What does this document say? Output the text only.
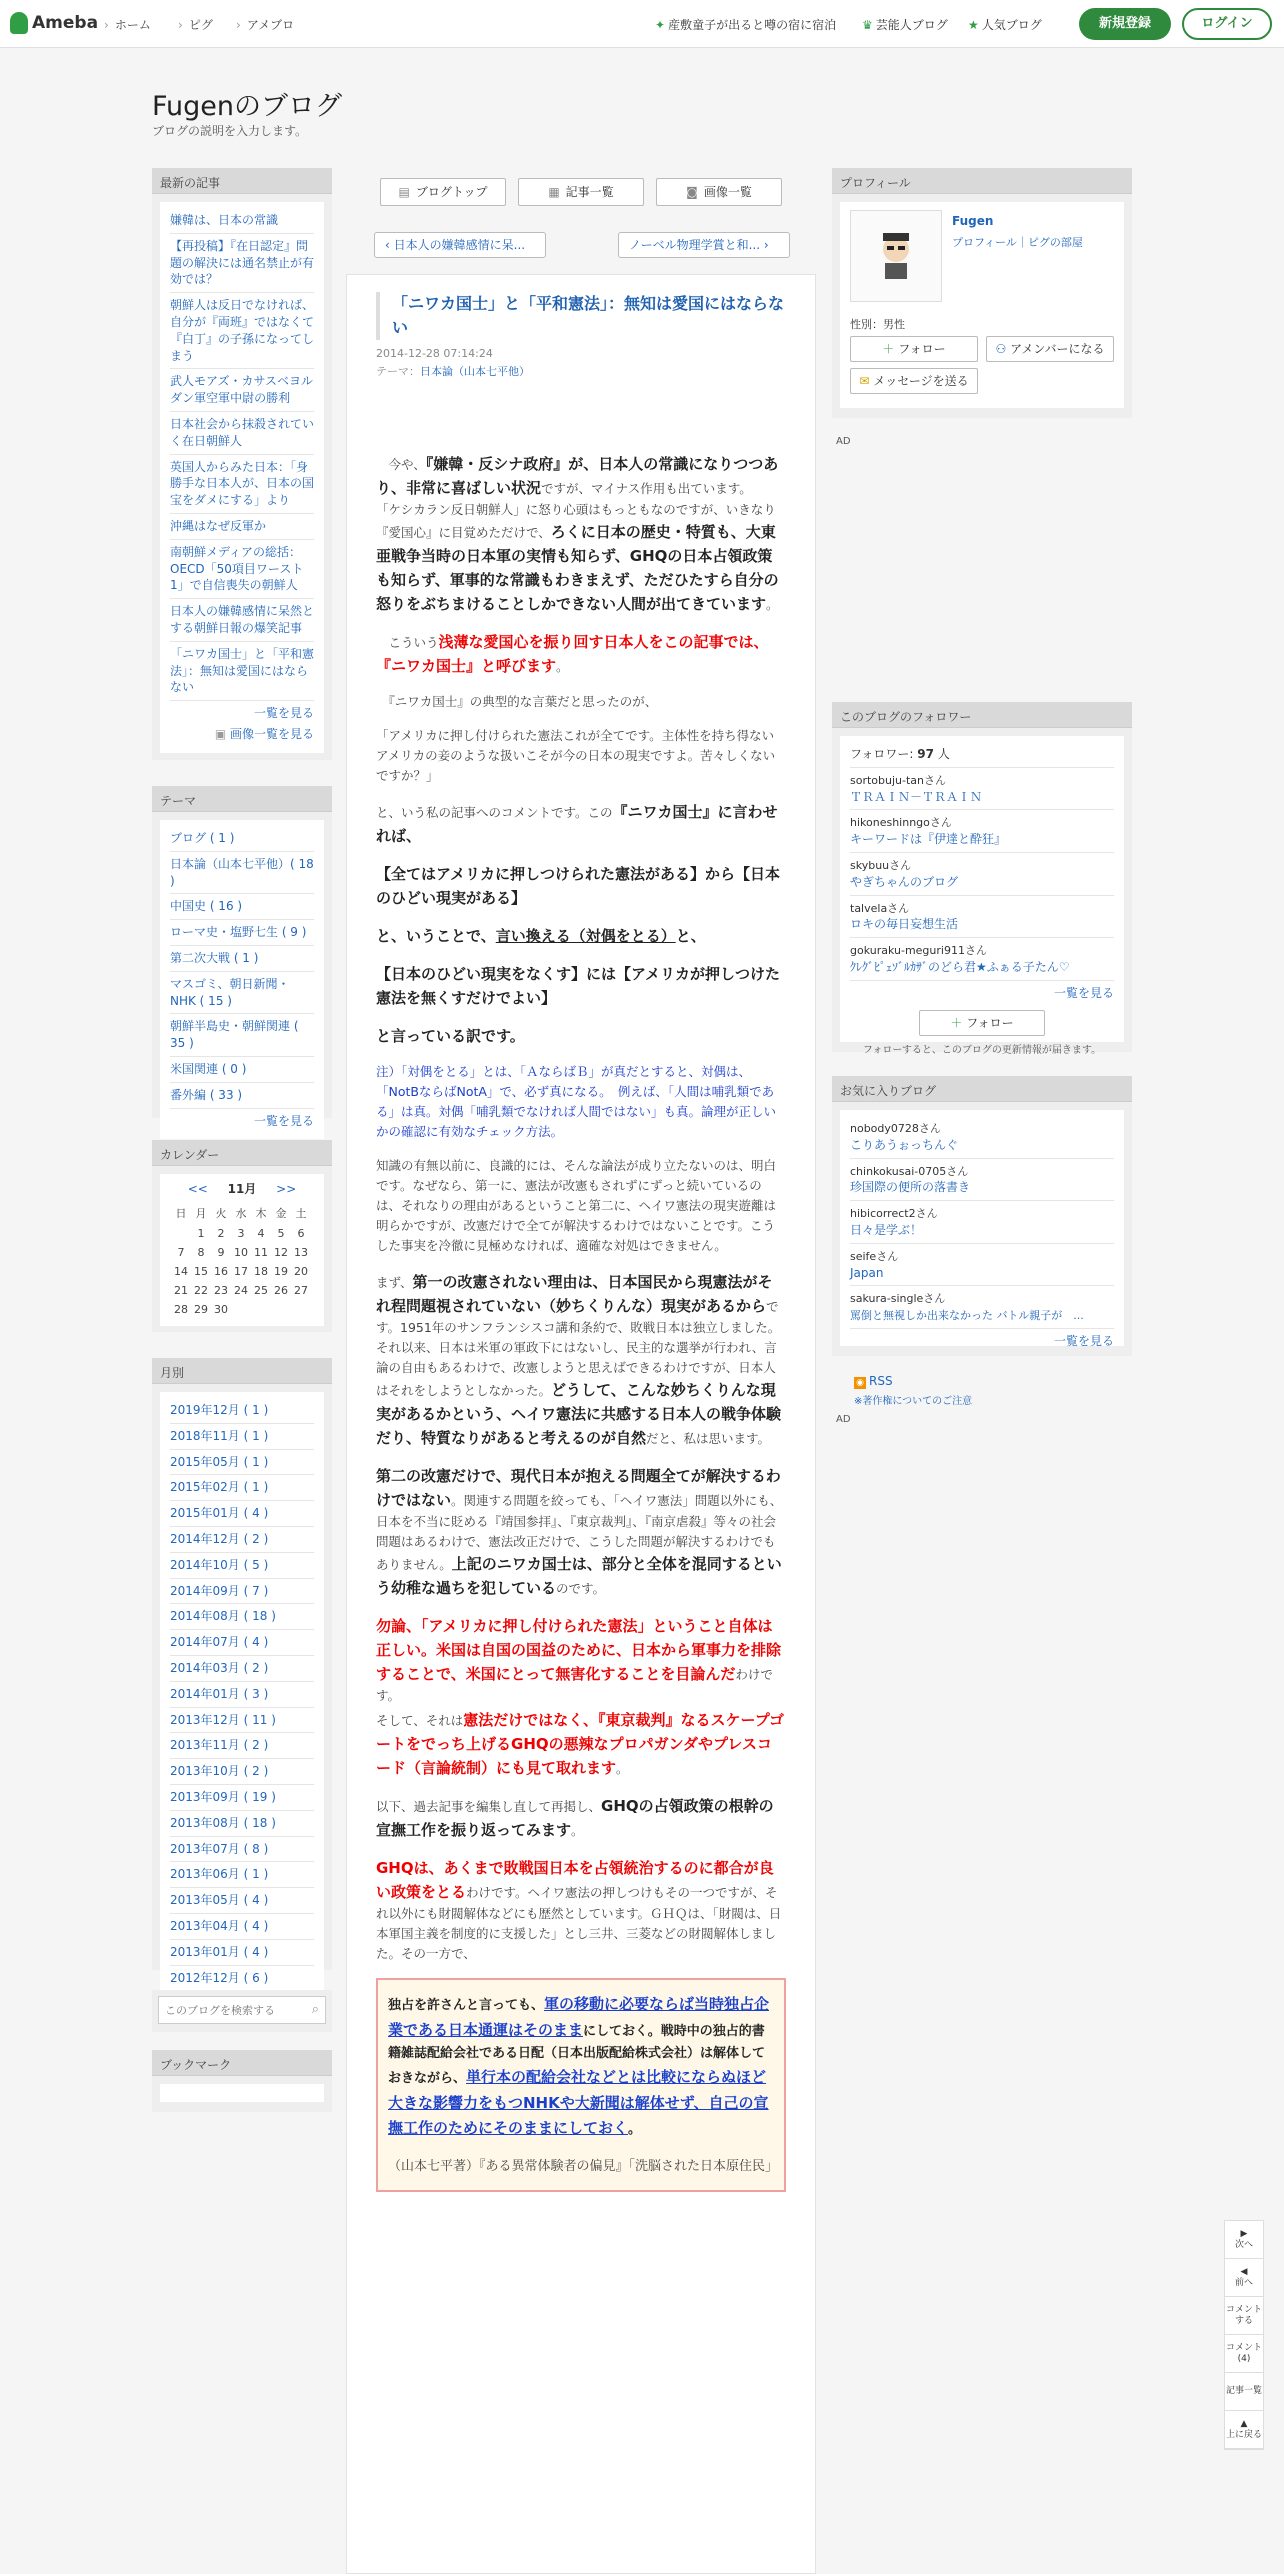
Ameba › ホーム › ピグ › アメブロ	✦ 産敷童子が出ると噂の宿に宿泊 ♛ 芸能人ブログ ★ 人気ブログ	新規登録	ログイン
Fugenのブログ
ブログの説明を入力します。
最新の記事
嫌韓は、日本の常識
【再投稿】『在日認定』問題の解決には通名禁止が有効では？
朝鮮人は反日でなければ、自分が『両班』ではなくて『白丁』の子孫になってしまう
武人モアズ・カサスベヨルダン軍空軍中尉の勝利
日本社会から抹殺されていく在日朝鮮人
英国人からみた日本：「身勝手な日本人が、日本の国宝をダメにする」より
沖縄はなぜ反軍か
南朝鮮メディアの総括：OECD「50項目ワースト1」で自信喪失の朝鮮人
日本人の嫌韓感情に呆然とする朝鮮日報の爆笑記事
「ニワカ国士」と「平和憲法」：無知は愛国にはならない
一覧を見る
▣ 画像一覧を見る
テーマ
ブログ ( 1 )
日本論（山本七平他）( 18 )
中国史 ( 16 )
ローマ史・塩野七生 ( 9 )
第二次大戦 ( 1 )
マスゴミ、朝日新聞・NHK ( 15 )
朝鮮半島史・朝鮮関連 ( 35 )
米国関連 ( 0 )
番外編 ( 33 )
一覧を見る
カレンダー
<< 11月 >>
日	月	火	水	木	金	土
	1	2	3	4	5	6
7	8	9	10	11	12	13
14	15	16	17	18	19	20
21	22	23	24	25	26	27
28	29	30				
月別
2019年12月 ( 1 )
2018年11月 ( 1 )
2015年05月 ( 1 )
2015年02月 ( 1 )
2015年01月 ( 4 )
2014年12月 ( 2 )
2014年10月 ( 5 )
2014年09月 ( 7 )
2014年08月 ( 18 )
2014年07月 ( 4 )
2014年03月 ( 2 )
2014年01月 ( 3 )
2013年12月 ( 11 )
2013年11月 ( 2 )
2013年10月 ( 2 )
2013年09月 ( 19 )
2013年08月 ( 18 )
2013年07月 ( 8 )
2013年06月 ( 1 )
2013年05月 ( 4 )
2013年04月 ( 4 )
2013年01月 ( 4 )
2012年12月 ( 6 )
このブログを検索する
⌕
ブックマーク
▤ ブログトップ	▦ 記事一覧	◙ 画像一覧
‹ 日本人の嫌韓感情に呆...	ノーベル物理学賞と和... ›
「ニワカ国士」と「平和憲法」：無知は愛国にはならない
2014-12-28 07:14:24
テーマ：日本論（山本七平他）

　今や、『嫌韓・反シナ政府』が、日本人の常識になりつつあり、非常に喜ばしい状況ですが、マイナス作用も出ています。
「ケシカラン反日朝鮮人」に怒り心頭はもっともなのですが、いきなり『愛国心』に目覚めただけで、ろくに日本の歴史・特質も、大東亜戦争当時の日本軍の実情も知らず、GHQの日本占領政策も知らず、軍事的な常識もわきまえず、ただひたすら自分の怒りをぶちまけることしかできない人間が出てきています。

　こういう浅薄な愛国心を振り回す日本人をこの記事では、『ニワカ国士』と呼びます。

　『ニワカ国士』の典型的な言葉だと思ったのが、

「アメリカに押し付けられた憲法これが全てです。主体性を持ち得ないアメリカの妾のような扱いこそが今の日本の現実ですよ。苦々しくないですか？」

と、いう私の記事へのコメントです。この『ニワカ国士』に言わせれば、

【全てはアメリカに押しつけられた憲法がある】から【日本のひどい現実がある】

と、いうことで、言い換える（対偶をとる）と、

【日本のひどい現実をなくす】には【アメリカが押しつけた憲法を無くすだけでよい】

と言っている訳です。

注）「対偶をとる」とは、「ＡならばＢ」が真だとすると、対偶は、「NotBならばNotA」で、必ず真になる。　例えば、「人間は哺乳類である」は真。対偶「哺乳類でなければ人間ではない」も真。論理が正しいかの確認に有効なチェック方法。

知識の有無以前に、良識的には、そんな論法が成り立たないのは、明白です。なぜなら、第一に、憲法が改憲もされずにずっと続いているのは、それなりの理由があるということ第二に、ヘイワ憲法の現実遊離は明らかですが、改憲だけで全てが解決するわけではないことです。こうした事実を冷徹に見極めなければ、適確な対処はできません。

まず、第一の改憲されない理由は、日本国民から現憲法がそれ程問題視されていない（妙ちくりんな）現実があるからです。1951年のサンフランシスコ講和条約で、敗戦日本は独立しました。それ以来、日本は米軍の軍政下にはないし、民主的な選挙が行われ、言論の自由もあるわけで、改憲しようと思えばできるわけですが、日本人はそれをしようとしなかった。どうして、こんな妙ちくりんな現実があるかという、ヘイワ憲法に共感する日本人の戦争体験だり、特質なりがあると考えるのが自然だと、私は思います。

第二の改憲だけで、現代日本が抱える問題全てが解決するわけではない。関連する問題を絞っても、「ヘイワ憲法」問題以外にも、日本を不当に貶める『靖国参拝』、『東京裁判』、『南京虐殺』等々の社会問題はあるわけで、憲法改正だけで、こうした問題が解決するわけでもありません。上記のニワカ国士は、部分と全体を混同するという幼稚な過ちを犯しているのです。

勿論、「アメリカに押し付けられた憲法」ということ自体は正しい。米国は自国の国益のために、日本から軍事力を排除することで、米国にとって無害化することを目論んだわけです。

そして、それは憲法だけではなく、『東京裁判』なるスケープゴートをでっち上げるGHQの悪辣なプロパガンダやプレスコード（言論統制）にも見て取れます。

以下、過去記事を編集し直して再掲し、GHQの占領政策の根幹の宣撫工作を振り返ってみます。

GHQは、あくまで敗戦国日本を占領統治するのに都合が良い政策をとるわけです。ヘイワ憲法の押しつけもその一つですが、それ以外にも財閥解体などにも歴然としています。ＧＨＱは、「財閥は、日本軍国主義を制度的に支援した」とし三井、三菱などの財閥解体しました。その一方で、

独占を許さんと言っても、軍の移動に必要ならば当時独占企業である日本通運はそのままにしておく。戦時中の独占的書籍雑誌配給会社である日配（日本出版配給株式会社）は解体しておきながら、単行本の配給会社などとは比較にならぬほど大きな影響力をもつNHKや大新聞は解体せず、自己の宣撫工作のためにそのままにしておく。
（山本七平著）『ある異常体験者の偏見』「洗脳された日本原住民」
プロフィール
Fugen
プロフィール｜ピグの部屋
性別：男性
＋ フォロー	⚇ アメンバーになる
✉ メッセージを送る
AD
このブログのフォロワー
フォロワー: 97 人
sortobuju-tanさん
ＴＲＡＩＮ－ＴＲＡＩＮ
hikoneshinngoさん
キーワードは『伊達と酔狂』
skybuuさん
やぎちゃんのブログ
talvelaさん
ロキの毎日妄想生活
gokuraku-meguri911さん
ｸﾚｸﾞﾋﾟｪｿﾞﾙｶｻﾞのどら君★ふぁる子たん♡
一覧を見る
＋ フォロー
フォローすると、このブログの更新情報が届きます。
お気に入りブログ
nobody0728さん
こりあうぉっちんぐ
chinkokusai-0705さん
珍国際の便所の落書き
hibicorrect2さん
日々是学ぶ！
seifeさん
Japan
sakura-singleさん
罵倒と無視しか出来なかった バトル親子が　...
一覧を見る
◉ RSS
※著作権についてのご注意
AD
▶
次へ
◀
前へ
コメントする
コメント(4)
記事一覧
▲
上に戻る
